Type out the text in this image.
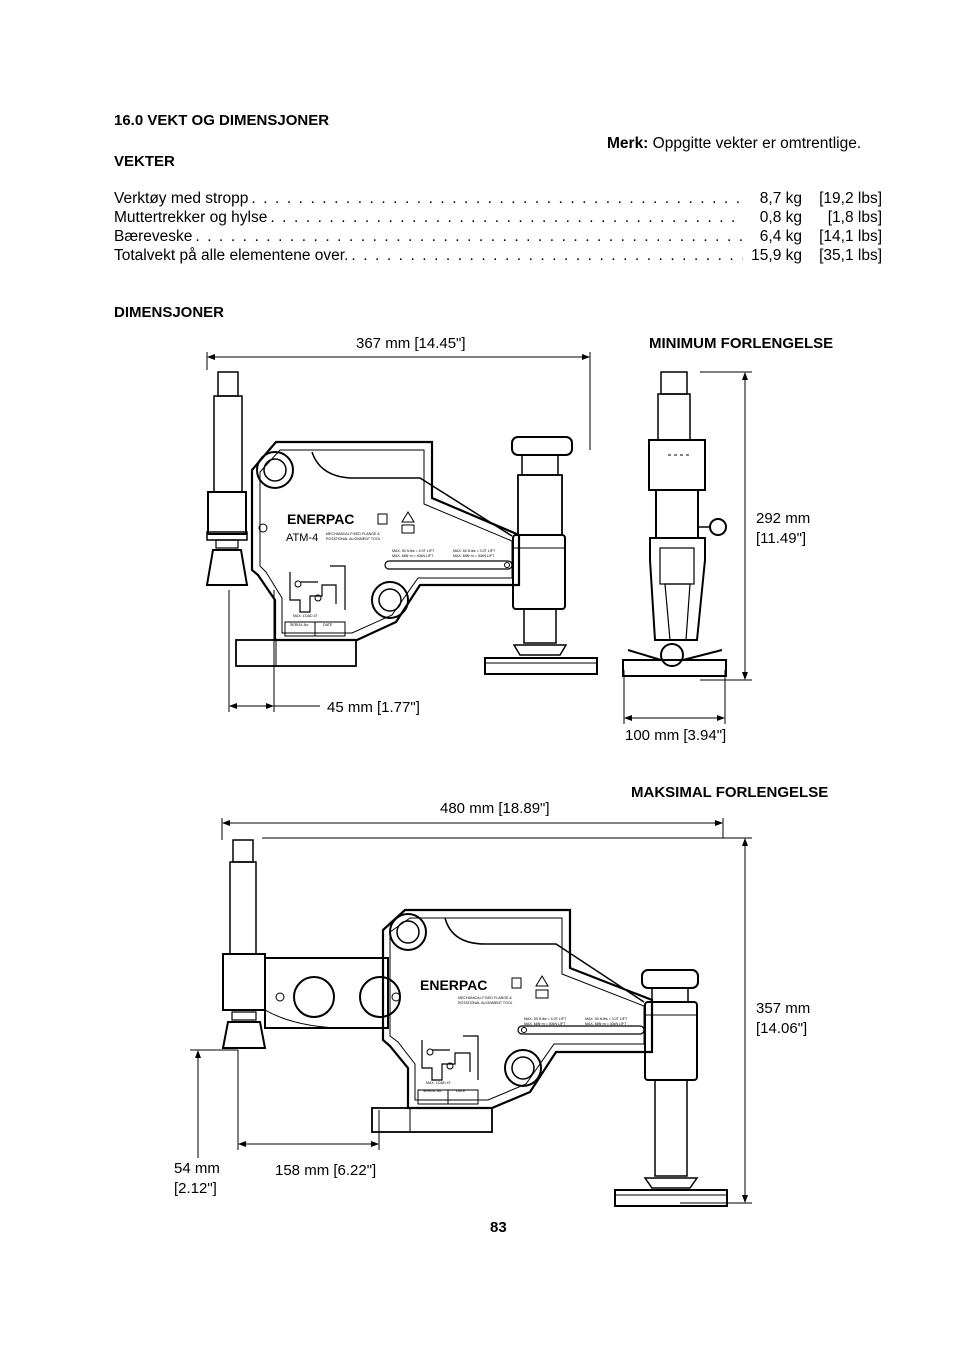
16.0 VEKT OG DIMENSJONER
Merk: Oppgitte vekter er omtrentlige.
VEKTER
Verktøy med stropp . . .	8,7 kg	[19,2 lbs]
Muttertrekker og hylse . . .	0,8 kg	[1,8 lbs]
Bæreveske . . .	6,4 kg	[14,1 lbs]
Totalvekt på alle elementene over. . . .	15,9 kg	[35,1 lbs]
DIMENSJONER
MINIMUM FORLENGELSE
367 mm [14.45"]
292 mm
[11.49"]
45 mm [1.77"]
100 mm [3.94"]
MAKSIMAL FORLENGELSE
480 mm [18.89"]
357 mm
[14.06"]
54 mm
[2.12"]
158 mm [6.22"]
83
ENERPAC
ATM-4 MECHANICAL FIXED FLANGE &
ROTATIONAL ALIGNMENT TOOL
MAX. 50 ft-lbs = 4.0T LIFT
MAX. 68N·m = 40kN LIFT
MAX. 50 ft-lbs = 3.0T LIFT
MAX. 68N·m = 30kN LIFT
MAX. LOAD 4T
SERIAL No.	DATE
ENERPAC
MECHANICAL FIXED FLANGE &
ROTATIONAL ALIGNMENT TOOL
MAX. 50 ft-lbs = 4.0T LIFT
MAX. 68N·m = 40kN LIFT
MAX. 50 ft-lbs = 3.0T LIFT
MAX. 68N·m = 30kN LIFT
MAX. LOAD 4T
SERIAL No.	DATE
